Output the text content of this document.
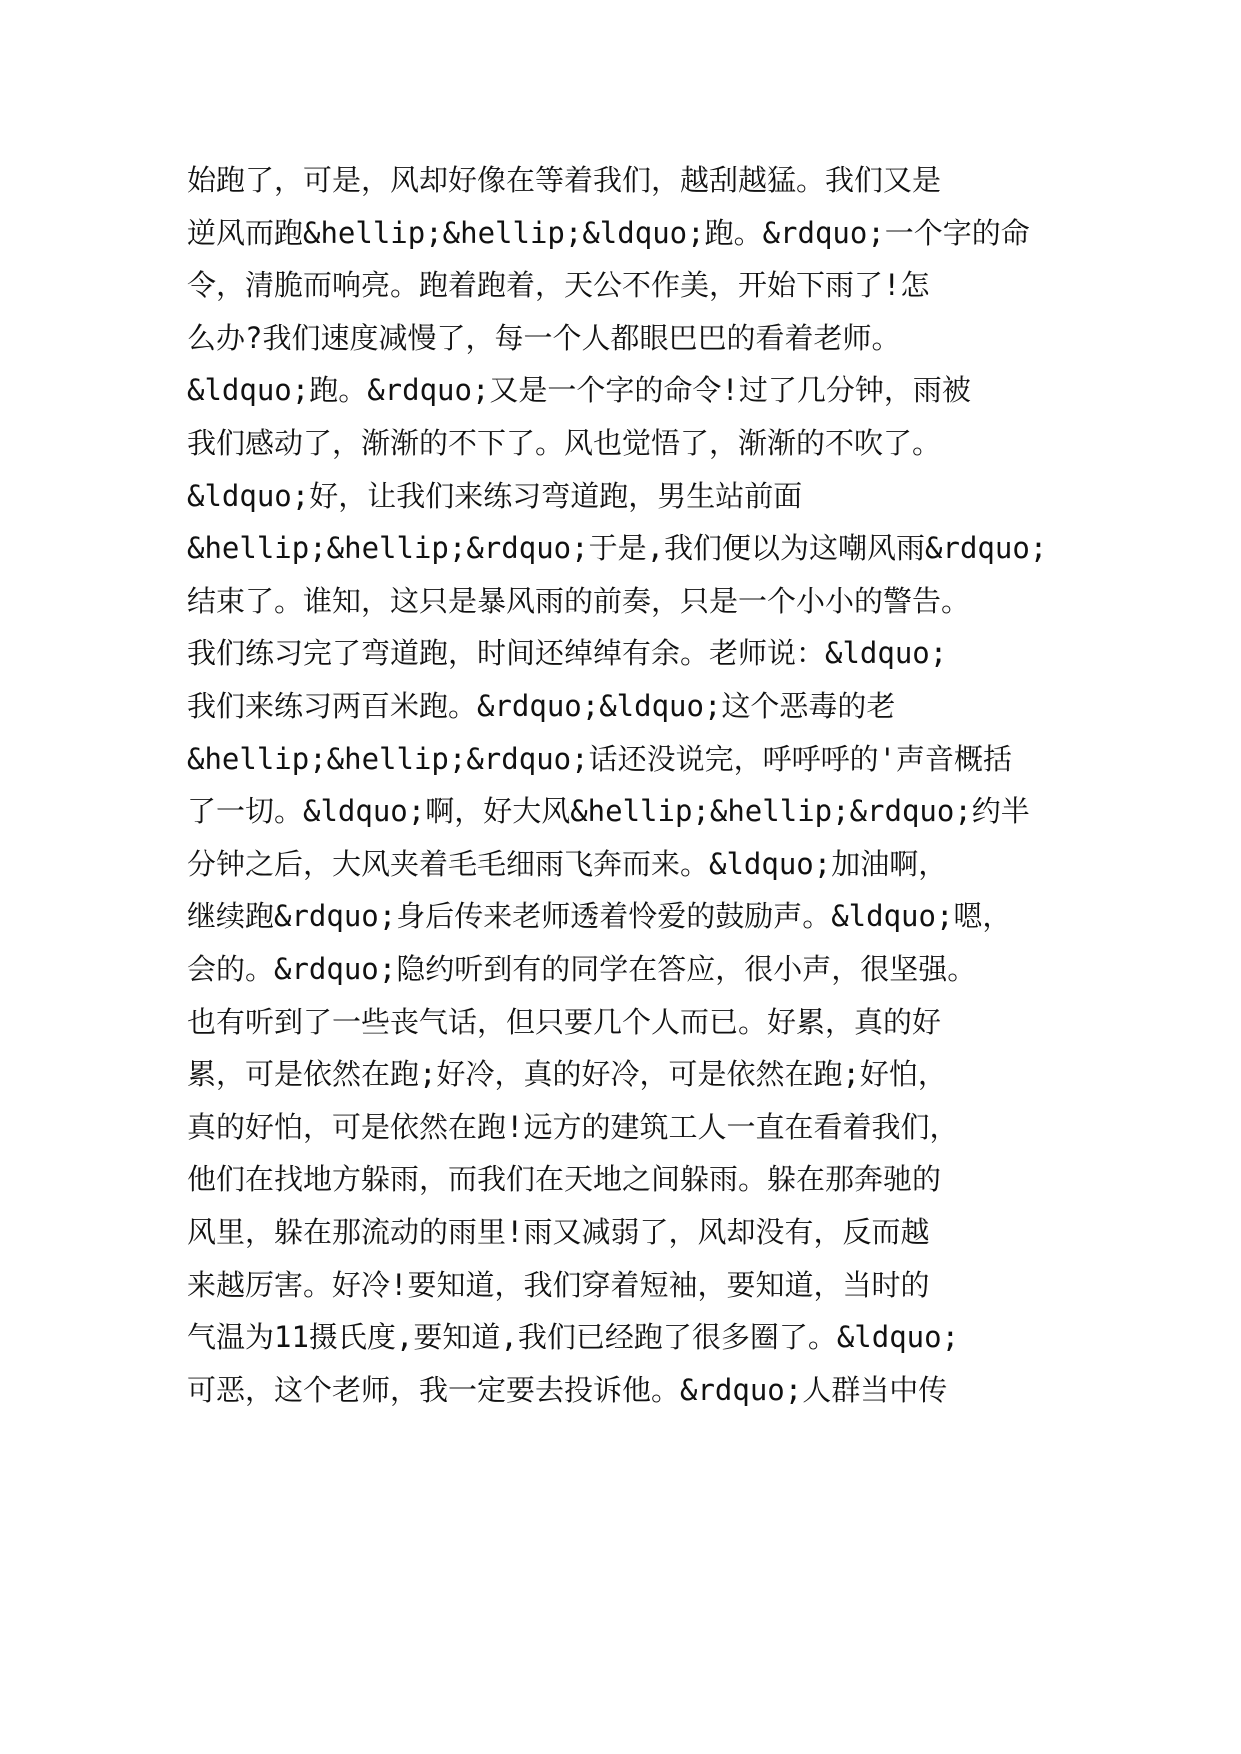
始跑了，可是，风却好像在等着我们，越刮越猛。我们又是
逆风而跑&hellip;&hellip;&ldquo;跑。&rdquo;一个字的命
令，清脆而响亮。跑着跑着，天公不作美，开始下雨了!怎
么办?我们速度减慢了，每一个人都眼巴巴的看着老师。
&ldquo;跑。&rdquo;又是一个字的命令!过了几分钟，雨被
我们感动了，渐渐的不下了。风也觉悟了，渐渐的不吹了。
&ldquo;好，让我们来练习弯道跑，男生站前面
&hellip;&hellip;&rdquo;于是,我们便以为这嘲风雨&rdquo;
结束了。谁知，这只是暴风雨的前奏，只是一个小小的警告。
我们练习完了弯道跑，时间还绰绰有余。老师说：&ldquo;
我们来练习两百米跑。&rdquo;&ldquo;这个恶毒的老
&hellip;&hellip;&rdquo;话还没说完，呼呼呼的'声音概括
了一切。&ldquo;啊，好大风&hellip;&hellip;&rdquo;约半
分钟之后，大风夹着毛毛细雨飞奔而来。&ldquo;加油啊，
继续跑&rdquo;身后传来老师透着怜爱的鼓励声。&ldquo;嗯，
会的。&rdquo;隐约听到有的同学在答应，很小声，很坚强。
也有听到了一些丧气话，但只要几个人而已。好累，真的好
累，可是依然在跑;好冷，真的好冷，可是依然在跑;好怕，
真的好怕，可是依然在跑!远方的建筑工人一直在看着我们，
他们在找地方躲雨，而我们在天地之间躲雨。躲在那奔驰的
风里，躲在那流动的雨里!雨又减弱了，风却没有，反而越
来越厉害。好冷!要知道，我们穿着短袖，要知道，当时的
气温为11摄氏度,要知道,我们已经跑了很多圈了。&ldquo;
可恶，这个老师，我一定要去投诉他。&rdquo;人群当中传
